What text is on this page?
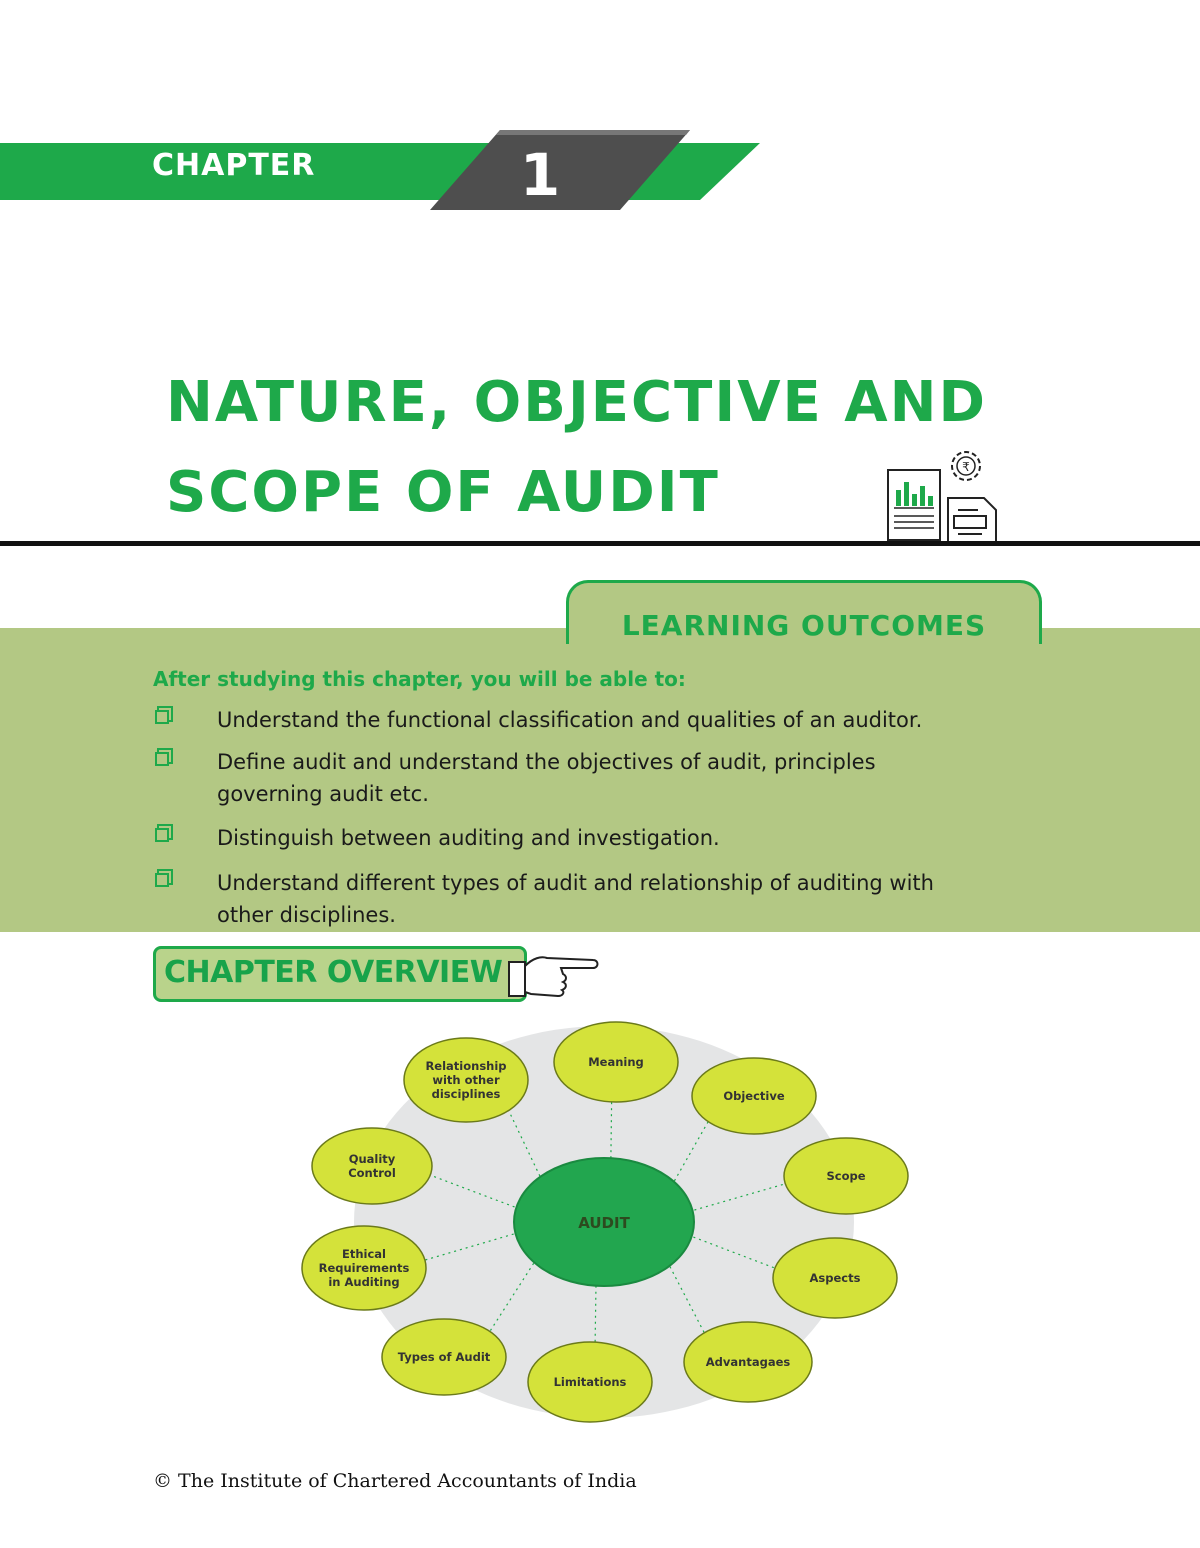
CHAPTER	1
NATURE, OBJECTIVE AND
SCOPE OF AUDIT	₹
LEARNING OUTCOMES
After studying this chapter, you will be able to:
Understand the functional classification and qualities of an auditor.
Define audit and understand the objectives of audit, principles governing audit etc.
Distinguish between auditing and investigation.
Understand different types of audit and relationship of auditing with other disciplines.
CHAPTER OVERVIEW
AUDIT
Meaning
Objective
Scope
Aspects
Advantagaes
Limitations
Types of Audit
Ethical
Requirements
in Auditing
Quality
Control
Relationship
with other
disciplines
© The Institute of Chartered Accountants of India
